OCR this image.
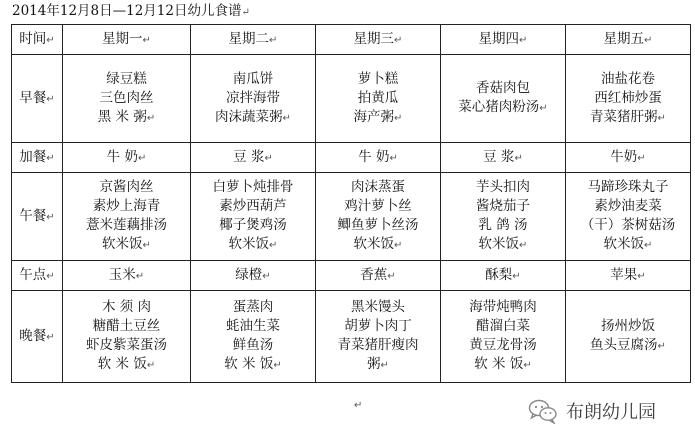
2014年12月8日—12月12日幼儿食谱↵
时间↵	星期一↵	星期二↵	星期三↵	星期四↵	星期五↵
早餐↵	绿豆糕
三色肉丝
黑 米 粥↵	南瓜饼
凉拌海带
肉沫蔬菜粥↵	萝卜糕
拍黄瓜
海产粥↵	香菇肉包
菜心猪肉粉汤↵	油盐花卷
西红柿炒蛋
青菜猪肝粥↵

加餐↵	牛 奶↵	豆 浆↵	牛 奶↵	豆 浆↵	牛奶↵

午餐↵	京酱肉丝
素炒上海青
薏米莲藕排汤
软米饭↵	白萝卜炖排骨
素炒西葫芦
椰子煲鸡汤
软米饭↵	肉沫蒸蛋
鸡汁萝卜丝
鲫鱼萝卜丝汤
软米饭↵	芋头扣肉
酱烧茄子
乳 鸽 汤
软米饭↵	马蹄珍珠丸子
素炒油麦菜
（干）茶树菇汤
软米饭↵

午点↵	玉米↵	绿橙↵	香蕉↵	酥梨↵	苹果↵

晚餐↵	木 须 肉
糖醋土豆丝
虾皮紫菜蛋汤
软 米 饭↵	蛋蒸肉
蚝油生菜
鲜鱼汤
软 米 饭↵	黑米馒头
胡萝卜肉丁
青菜猪肝瘦肉
粥↵	海带炖鸭肉
醋溜白菜
黄豆龙骨汤
软 米 饭↵	扬州炒饭
鱼头豆腐汤↵
↵	布朗幼儿园
